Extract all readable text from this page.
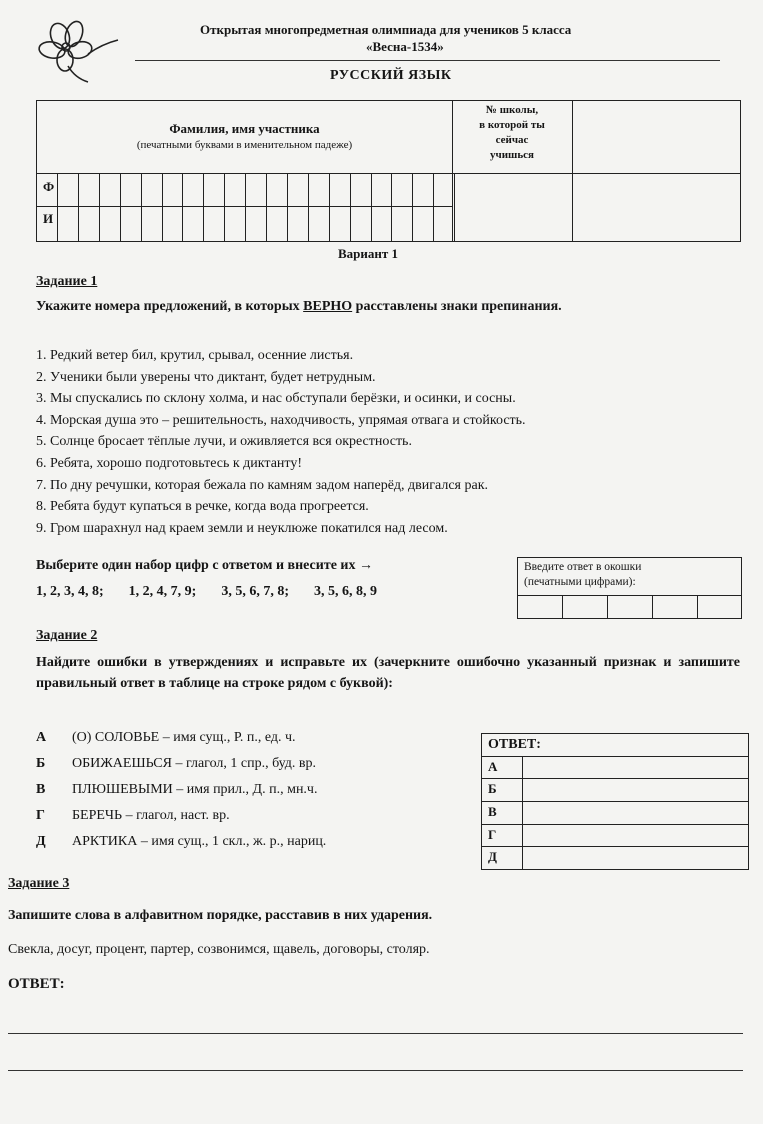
Открытая многопредметная олимпиада для учеников 5 класса
«Весна-1534»
РУССКИЙ ЯЗЫК
Фамилия, имя участника
(печатными буквами в именительном падеже)
№ школы,
в которой ты
сейчас
учишься
Ф
И
Вариант 1
Задание 1
Укажите номера предложений, в которых ВЕРНО расставлены знаки препинания.
1. Редкий ветер бил, крутил, срывал, осенние листья.
2. Ученики были уверены что диктант, будет нетрудным.
3. Мы спускались по склону холма, и нас обступали берёзки, и осинки, и сосны.
4. Морская душа это – решительность, находчивость, упрямая отвага и стойкость.
5. Солнце бросает тёплые лучи, и оживляется вся окрестность.
6. Ребята, хорошо подготовьтесь к диктанту!
7. По дну речушки, которая бежала по камням задом наперёд, двигался рак.
8. Ребята будут купаться в речке, когда вода прогреется.
9. Гром шарахнул над краем земли и неуклюже покатился над лесом.
Выберите один набор цифр с ответом и внесите их →
1, 2, 3, 4, 8; 1, 2, 4, 7, 9; 3, 5, 6, 7, 8; 3, 5, 6, 8, 9
Введите ответ в окошки
(печатными цифрами):
Задание 2
Найдите ошибки в утверждениях и исправьте их (зачеркните ошибочно указанный признак и запишите правильный ответ в таблице на строке рядом с буквой):
А (О) СОЛОВЬЕ – имя сущ., Р. п., ед. ч.
Б ОБИЖАЕШЬСЯ – глагол, 1 спр., буд. вр.
В ПЛЮШЕВЫМИ – имя прил., Д. п., мн.ч.
Г БЕРЕЧЬ – глагол, наст. вр.
Д АРКТИКА – имя сущ., 1 скл., ж. р., нариц.
ОТВЕТ:
А
Б
В
Г
Д
Задание 3
Запишите слова в алфавитном порядке, расставив в них ударения.
Свекла, досуг, процент, партер, созвонимся, щавель, договоры, столяр.
ОТВЕТ:
